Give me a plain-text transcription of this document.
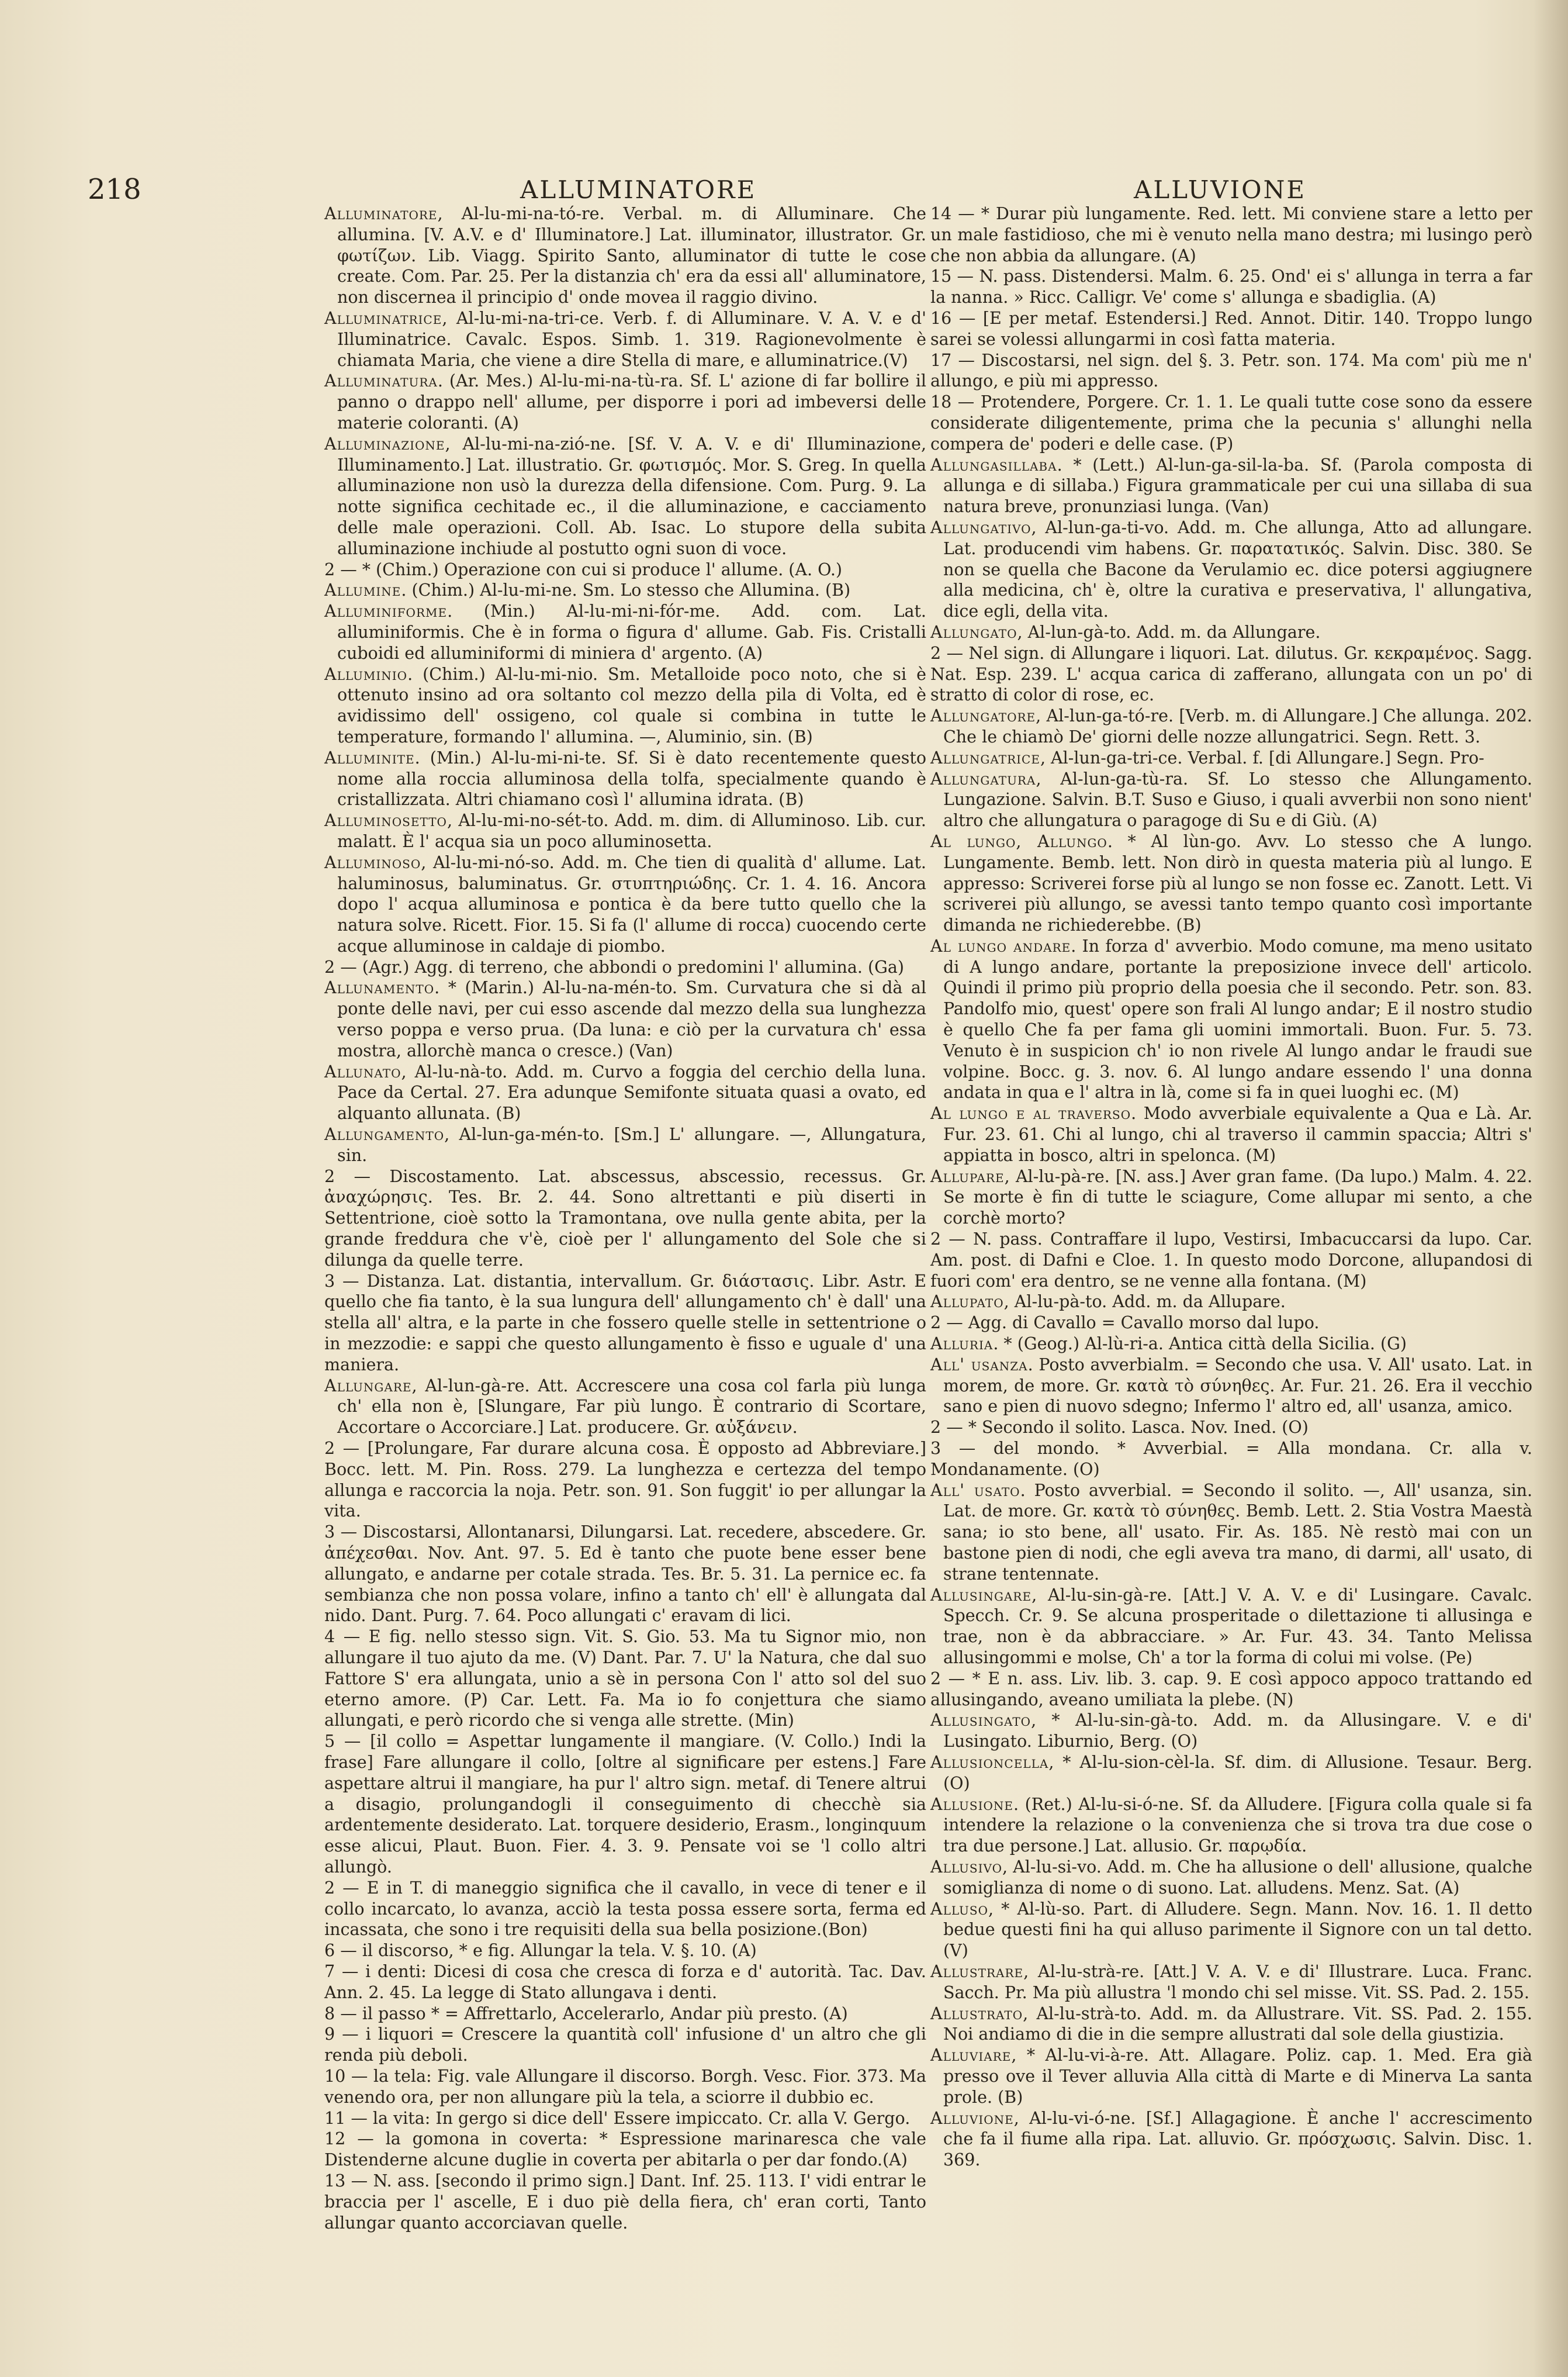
218	ALLUMINATORE	ALLUVIONE

Alluminatore, Al-lu-mi-na-tó-re. Verbal. m. di Alluminare. Che allumina. [V. A.V. e d' Illuminatore.] Lat. illuminator, illustrator. Gr. φωτίζων. Lib. Viagg. Spirito Santo, alluminator di tutte le cose create. Com. Par. 25. Per la distanzia ch' era da essi all' alluminatore, non discernea il principio d' onde movea il raggio divino.

Alluminatrice, Al-lu-mi-na-tri-ce. Verb. f. di Alluminare. V. A. V. e d' Illuminatrice. Cavalc. Espos. Simb. 1. 319. Ragionevolmente è chiamata Maria, che viene a dire Stella di mare, e alluminatrice.(V)

Alluminatura. (Ar. Mes.) Al-lu-mi-na-tù-ra. Sf. L' azione di far bollire il panno o drappo nell' allume, per disporre i pori ad imbeversi delle materie coloranti. (A)

Alluminazione, Al-lu-mi-na-zió-ne. [Sf. V. A. V. e di' Illuminazione, Illuminamento.] Lat. illustratio. Gr. φωτισμός. Mor. S. Greg. In quella alluminazione non usò la durezza della difensione. Com. Purg. 9. La notte significa cechitade ec., il die alluminazione, e cacciamento delle male operazioni. Coll. Ab. Isac. Lo stupore della subita alluminazione inchiude al postutto ogni suon di voce.

2 — * (Chim.) Operazione con cui si produce l' allume. (A. O.)

Allumine. (Chim.) Al-lu-mi-ne. Sm. Lo stesso che Allumina. (B)

Alluminiforme. (Min.) Al-lu-mi-ni-fór-me. Add. com. Lat. alluminiformis. Che è in forma o figura d' allume. Gab. Fis. Cristalli cuboidi ed alluminiformi di miniera d' argento. (A)

Alluminio. (Chim.) Al-lu-mi-nio. Sm. Metalloide poco noto, che si è ottenuto insino ad ora soltanto col mezzo della pila di Volta, ed è avidissimo dell' ossigeno, col quale si combina in tutte le temperature, formando l' allumina. —, Aluminio, sin. (B)

Alluminite. (Min.) Al-lu-mi-ni-te. Sf. Si è dato recentemente questo nome alla roccia alluminosa della tolfa, specialmente quando è cristallizzata. Altri chiamano così l' allumina idrata. (B)

Alluminosetto, Al-lu-mi-no-sét-to. Add. m. dim. di Alluminoso. Lib. cur. malatt. È l' acqua sia un poco alluminosetta.

Alluminoso, Al-lu-mi-nó-so. Add. m. Che tien di qualità d' allume. Lat. haluminosus, baluminatus. Gr. στυπτηριώδης. Cr. 1. 4. 16. Ancora dopo l' acqua alluminosa e pontica è da bere tutto quello che la natura solve. Ricett. Fior. 15. Si fa (l' allume di rocca) cuocendo certe acque alluminose in caldaje di piombo.

2 — (Agr.) Agg. di terreno, che abbondi o predomini l' allumina. (Ga)

Allunamento. * (Marin.) Al-lu-na-mén-to. Sm. Curvatura che si dà al ponte delle navi, per cui esso ascende dal mezzo della sua lunghezza verso poppa e verso prua. (Da luna: e ciò per la curvatura ch' essa mostra, allorchè manca o cresce.) (Van)

Allunato, Al-lu-nà-to. Add. m. Curvo a foggia del cerchio della luna. Pace da Certal. 27. Era adunque Semifonte situata quasi a ovato, ed alquanto allunata. (B)

Allungamento, Al-lun-ga-mén-to. [Sm.] L' allungare. —, Allungatura, sin.

2 — Discostamento. Lat. abscessus, abscessio, recessus. Gr. ἀναχώρησις. Tes. Br. 2. 44. Sono altrettanti e più diserti in Settentrione, cioè sotto la Tramontana, ove nulla gente abita, per la grande freddura che v'è, cioè per l' allungamento del Sole che si dilunga da quelle terre.

3 — Distanza. Lat. distantia, intervallum. Gr. διάστασις. Libr. Astr. E quello che fia tanto, è la sua lungura dell' allungamento ch' è dall' una stella all' altra, e la parte in che fossero quelle stelle in settentrione o in mezzodie: e sappi che questo allungamento è fisso e uguale d' una maniera.

Allungare, Al-lun-gà-re. Att. Accrescere una cosa col farla più lunga ch' ella non è, [Slungare, Far più lungo. È contrario di Scortare, Accortare o Accorciare.] Lat. producere. Gr. αὐξάνειν.

2 — [Prolungare, Far durare alcuna cosa. È opposto ad Abbreviare.] Bocc. lett. M. Pin. Ross. 279. La lunghezza e certezza del tempo allunga e raccorcia la noja. Petr. son. 91. Son fuggit' io per allungar la vita.

3 — Discostarsi, Allontanarsi, Dilungarsi. Lat. recedere, abscedere. Gr. ἀπέχεσθαι. Nov. Ant. 97. 5. Ed è tanto che puote bene esser bene allungato, e andarne per cotale strada. Tes. Br. 5. 31. La pernice ec. fa sembianza che non possa volare, infino a tanto ch' ell' è allungata dal nido. Dant. Purg. 7. 64. Poco allungati c' eravam di lici.

4 — E fig. nello stesso sign. Vit. S. Gio. 53. Ma tu Signor mio, non allungare il tuo ajuto da me. (V) Dant. Par. 7. U' la Natura, che dal suo Fattore S' era allungata, unio a sè in persona Con l' atto sol del suo eterno amore. (P) Car. Lett. Fa. Ma io fo conjettura che siamo allungati, e però ricordo che si venga alle strette. (Min)

5 — [il collo = Aspettar lungamente il mangiare. (V. Collo.) Indi la frase] Fare allungare il collo, [oltre al significare per estens.] Fare aspettare altrui il mangiare, ha pur l' altro sign. metaf. di Tenere altrui a disagio, prolungandogli il conseguimento di checchè sia ardentemente desiderato. Lat. torquere desiderio, Erasm., longinquum esse alicui, Plaut. Buon. Fier. 4. 3. 9. Pensate voi se 'l collo altri allungò.

2 — E in T. di maneggio significa che il cavallo, in vece di tener e il collo incarcato, lo avanza, acciò la testa possa essere sorta, ferma ed incassata, che sono i tre requisiti della sua bella posizione.(Bon)

6 — il discorso, * e fig. Allungar la tela. V. §. 10. (A)

7 — i denti: Dicesi di cosa che cresca di forza e d' autorità. Tac. Dav. Ann. 2. 45. La legge di Stato allungava i denti.

8 — il passo * = Affrettarlo, Accelerarlo, Andar più presto. (A)

9 — i liquori = Crescere la quantità coll' infusione d' un altro che gli renda più deboli.

10 — la tela: Fig. vale Allungare il discorso. Borgh. Vesc. Fior. 373. Ma venendo ora, per non allungare più la tela, a sciorre il dubbio ec.

11 — la vita: In gergo si dice dell' Essere impiccato. Cr. alla V. Gergo.

12 — la gomona in coverta: * Espressione marinaresca che vale Distenderne alcune duglie in coverta per abitarla o per dar fondo.(A)

13 — N. ass. [secondo il primo sign.] Dant. Inf. 25. 113. I' vidi entrar le braccia per l' ascelle, E i duo piè della fiera, ch' eran corti, Tanto allungar quanto accorciavan quelle.

14 — * Durar più lungamente. Red. lett. Mi conviene stare a letto per un male fastidioso, che mi è venuto nella mano destra; mi lusingo però che non abbia da allungare. (A)

15 — N. pass. Distendersi. Malm. 6. 25. Ond' ei s' allunga in terra a far la nanna. » Ricc. Calligr. Ve' come s' allunga e sbadiglia. (A)

16 — [E per metaf. Estendersi.] Red. Annot. Ditir. 140. Troppo lungo sarei se volessi allungarmi in così fatta materia.

17 — Discostarsi, nel sign. del §. 3. Petr. son. 174. Ma com' più me n' allungo, e più mi appresso.

18 — Protendere, Porgere. Cr. 1. 1. Le quali tutte cose sono da essere considerate diligentemente, prima che la pecunia s' allunghi nella compera de' poderi e delle case. (P)

Allungasillaba. * (Lett.) Al-lun-ga-sil-la-ba. Sf. (Parola composta di allunga e di sillaba.) Figura grammaticale per cui una sillaba di sua natura breve, pronunziasi lunga. (Van)

Allungativo, Al-lun-ga-ti-vo. Add. m. Che allunga, Atto ad allungare. Lat. producendi vim habens. Gr. παρατατικός. Salvin. Disc. 380. Se non se quella che Bacone da Verulamio ec. dice potersi aggiugnere alla medicina, ch' è, oltre la curativa e preservativa, l' allungativa, dice egli, della vita.

Allungato, Al-lun-gà-to. Add. m. da Allungare.

2 — Nel sign. di Allungare i liquori. Lat. dilutus. Gr. κεκραμένος. Sagg. Nat. Esp. 239. L' acqua carica di zafferano, allungata con un po' di stratto di color di rose, ec.

Allungatore, Al-lun-ga-tó-re. [Verb. m. di Allungare.] Che allunga. 202. Che le chiamò De' giorni delle nozze allungatrici. Segn. Rett. 3.

Allungatrice, Al-lun-ga-tri-ce. Verbal. f. [di Allungare.] Segn. Pro-

Allungatura, Al-lun-ga-tù-ra. Sf. Lo stesso che Allungamento. Lungazione. Salvin. B.T. Suso e Giuso, i quali avverbii non sono nient' altro che allungatura o paragoge di Su e di Giù. (A)

Al lungo, Allungo. * Al lùn-go. Avv. Lo stesso che A lungo. Lungamente. Bemb. lett. Non dirò in questa materia più al lungo. E appresso: Scriverei forse più al lungo se non fosse ec. Zanott. Lett. Vi scriverei più allungo, se avessi tanto tempo quanto così importante dimanda ne richiederebbe. (B)

Al lungo andare. In forza d' avverbio. Modo comune, ma meno usitato di A lungo andare, portante la preposizione invece dell' articolo. Quindi il primo più proprio della poesia che il secondo. Petr. son. 83. Pandolfo mio, quest' opere son frali Al lungo andar; E il nostro studio è quello Che fa per fama gli uomini immortali. Buon. Fur. 5. 73. Venuto è in suspicion ch' io non rivele Al lungo andar le fraudi sue volpine. Bocc. g. 3. nov. 6. Al lungo andare essendo l' una donna andata in qua e l' altra in là, come si fa in quei luoghi ec. (M)

Al lungo e al traverso. Modo avverbiale equivalente a Qua e Là. Ar. Fur. 23. 61. Chi al lungo, chi al traverso il cammin spaccia; Altri s' appiatta in bosco, altri in spelonca. (M)

Allupare, Al-lu-pà-re. [N. ass.] Aver gran fame. (Da lupo.) Malm. 4. 22. Se morte è fin di tutte le sciagure, Come allupar mi sento, a che corchè morto?

2 — N. pass. Contraffare il lupo, Vestirsi, Imbacuccarsi da lupo. Car. Am. post. di Dafni e Cloe. 1. In questo modo Dorcone, allupandosi di fuori com' era dentro, se ne venne alla fontana. (M)

Allupato, Al-lu-pà-to. Add. m. da Allupare.

2 — Agg. di Cavallo = Cavallo morso dal lupo.

Alluria. * (Geog.) Al-lù-ri-a. Antica città della Sicilia. (G)

All' usanza. Posto avverbialm. = Secondo che usa. V. All' usato. Lat. in morem, de more. Gr. κατὰ τὸ σύνηθες. Ar. Fur. 21. 26. Era il vecchio sano e pien di nuovo sdegno; Infermo l' altro ed, all' usanza, amico.

2 — * Secondo il solito. Lasca. Nov. Ined. (O)

3 — del mondo. * Avverbial. = Alla mondana. Cr. alla v. Mondanamente. (O)

All' usato. Posto avverbial. = Secondo il solito. —, All' usanza, sin. Lat. de more. Gr. κατὰ τὸ σύνηθες. Bemb. Lett. 2. Stia Vostra Maestà sana; io sto bene, all' usato. Fir. As. 185. Nè restò mai con un bastone pien di nodi, che egli aveva tra mano, di darmi, all' usato, di strane tentennate.

Allusingare, Al-lu-sin-gà-re. [Att.] V. A. V. e di' Lusingare. Cavalc. Specch. Cr. 9. Se alcuna prosperitade o dilettazione ti allusinga e trae, non è da abbracciare. » Ar. Fur. 43. 34. Tanto Melissa allusingommi e molse, Ch' a tor la forma di colui mi volse. (Pe)

2 — * E n. ass. Liv. lib. 3. cap. 9. E così appoco appoco trattando ed allusingando, aveano umiliata la plebe. (N)

Allusingato, * Al-lu-sin-gà-to. Add. m. da Allusingare. V. e di' Lusingato. Liburnio, Berg. (O)

Allusioncella, * Al-lu-sion-cèl-la. Sf. dim. di Allusione. Tesaur. Berg. (O)

Allusione. (Ret.) Al-lu-si-ó-ne. Sf. da Alludere. [Figura colla quale si fa intendere la relazione o la convenienza che si trova tra due cose o tra due persone.] Lat. allusio. Gr. παρῳδία.

Allusivo, Al-lu-si-vo. Add. m. Che ha allusione o dell' allusione, qualche somiglianza di nome o di suono. Lat. alludens. Menz. Sat. (A)

Alluso, * Al-lù-so. Part. di Alludere. Segn. Mann. Nov. 16. 1. Il detto bedue questi fini ha qui alluso parimente il Signore con un tal detto. (V)

Allustrare, Al-lu-strà-re. [Att.] V. A. V. e di' Illustrare. Luca. Franc. Sacch. Pr. Ma più allustra 'l mondo chi sel misse. Vit. SS. Pad. 2. 155.

Allustrato, Al-lu-strà-to. Add. m. da Allustrare. Vit. SS. Pad. 2. 155. Noi andiamo di die in die sempre allustrati dal sole della giustizia.

Alluviare, * Al-lu-vi-à-re. Att. Allagare. Poliz. cap. 1. Med. Era già presso ove il Tever alluvia Alla città di Marte e di Minerva La santa prole. (B)

Alluvione, Al-lu-vi-ó-ne. [Sf.] Allagagione. È anche l' accrescimento che fa il fiume alla ripa. Lat. alluvio. Gr. πρόσχωσις. Salvin. Disc. 1. 369.
